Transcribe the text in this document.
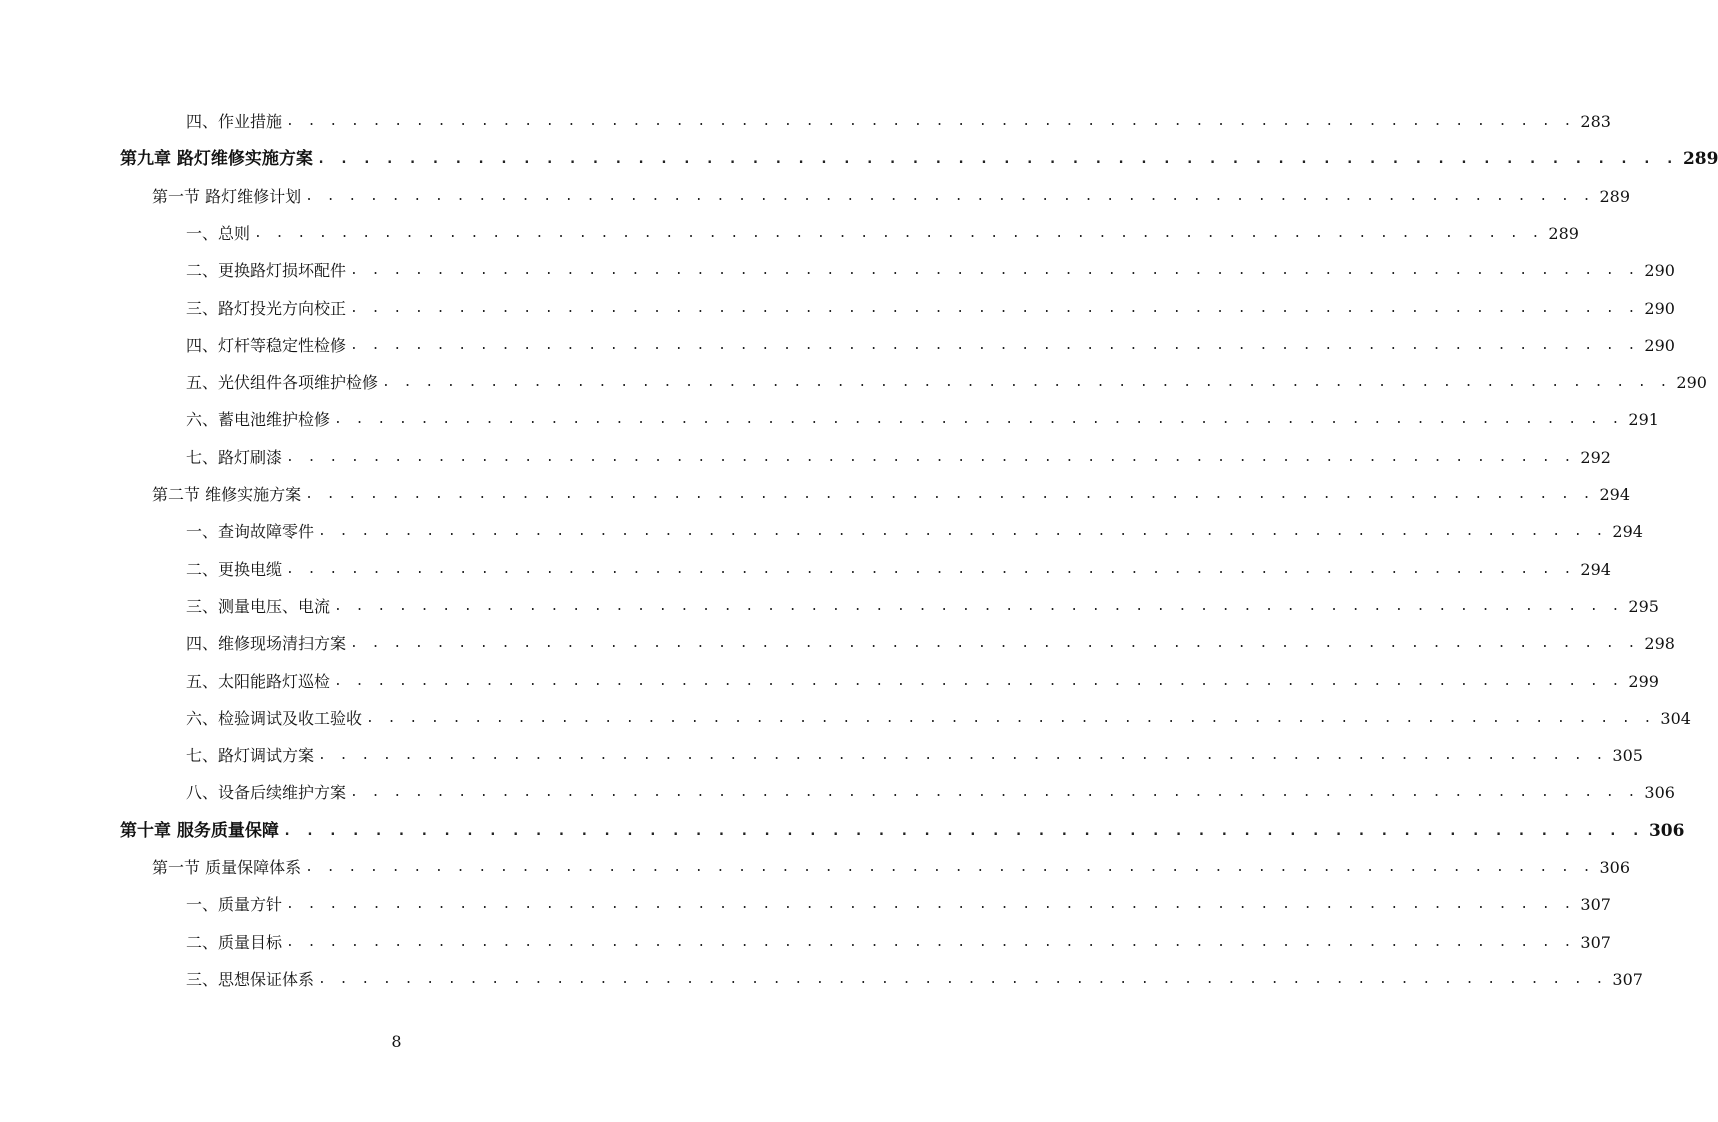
四、作业措施 . . . . . . . . . . . . . . . . . . . . . . . . . . . . . . . . . . . . . . . . . . . . . . . . . . . . . . . . . . . . 283
第九章 路灯维修实施方案 . . . . . . . . . . . . . . . . . . . . . . . . . . . . . . . . . . . . . . . . . . . . . . . . . . . . . . . . . . . . 289
第一节 路灯维修计划 . . . . . . . . . . . . . . . . . . . . . . . . . . . . . . . . . . . . . . . . . . . . . . . . . . . . . . . . . . . . 289
一、总则 . . . . . . . . . . . . . . . . . . . . . . . . . . . . . . . . . . . . . . . . . . . . . . . . . . . . . . . . . . . . 289
二、更换路灯损坏配件 . . . . . . . . . . . . . . . . . . . . . . . . . . . . . . . . . . . . . . . . . . . . . . . . . . . . . . . . . . . . 290
三、路灯投光方向校正 . . . . . . . . . . . . . . . . . . . . . . . . . . . . . . . . . . . . . . . . . . . . . . . . . . . . . . . . . . . . 290
四、灯杆等稳定性检修 . . . . . . . . . . . . . . . . . . . . . . . . . . . . . . . . . . . . . . . . . . . . . . . . . . . . . . . . . . . . 290
五、光伏组件各项维护检修 . . . . . . . . . . . . . . . . . . . . . . . . . . . . . . . . . . . . . . . . . . . . . . . . . . . . . . . . . . . . 290
六、蓄电池维护检修 . . . . . . . . . . . . . . . . . . . . . . . . . . . . . . . . . . . . . . . . . . . . . . . . . . . . . . . . . . . . 291
七、路灯刷漆 . . . . . . . . . . . . . . . . . . . . . . . . . . . . . . . . . . . . . . . . . . . . . . . . . . . . . . . . . . . . 292
第二节 维修实施方案 . . . . . . . . . . . . . . . . . . . . . . . . . . . . . . . . . . . . . . . . . . . . . . . . . . . . . . . . . . . . 294
一、查询故障零件 . . . . . . . . . . . . . . . . . . . . . . . . . . . . . . . . . . . . . . . . . . . . . . . . . . . . . . . . . . . . 294
二、更换电缆 . . . . . . . . . . . . . . . . . . . . . . . . . . . . . . . . . . . . . . . . . . . . . . . . . . . . . . . . . . . . 294
三、测量电压、电流 . . . . . . . . . . . . . . . . . . . . . . . . . . . . . . . . . . . . . . . . . . . . . . . . . . . . . . . . . . . . 295
四、维修现场清扫方案 . . . . . . . . . . . . . . . . . . . . . . . . . . . . . . . . . . . . . . . . . . . . . . . . . . . . . . . . . . . . 298
五、太阳能路灯巡检 . . . . . . . . . . . . . . . . . . . . . . . . . . . . . . . . . . . . . . . . . . . . . . . . . . . . . . . . . . . . 299
六、检验调试及收工验收 . . . . . . . . . . . . . . . . . . . . . . . . . . . . . . . . . . . . . . . . . . . . . . . . . . . . . . . . . . . . 304
七、路灯调试方案 . . . . . . . . . . . . . . . . . . . . . . . . . . . . . . . . . . . . . . . . . . . . . . . . . . . . . . . . . . . . 305
八、设备后续维护方案 . . . . . . . . . . . . . . . . . . . . . . . . . . . . . . . . . . . . . . . . . . . . . . . . . . . . . . . . . . . . 306
第十章 服务质量保障 . . . . . . . . . . . . . . . . . . . . . . . . . . . . . . . . . . . . . . . . . . . . . . . . . . . . . . . . . . . . 306
第一节 质量保障体系 . . . . . . . . . . . . . . . . . . . . . . . . . . . . . . . . . . . . . . . . . . . . . . . . . . . . . . . . . . . . 306
一、质量方针 . . . . . . . . . . . . . . . . . . . . . . . . . . . . . . . . . . . . . . . . . . . . . . . . . . . . . . . . . . . . 307
二、质量目标 . . . . . . . . . . . . . . . . . . . . . . . . . . . . . . . . . . . . . . . . . . . . . . . . . . . . . . . . . . . . 307
三、思想保证体系 . . . . . . . . . . . . . . . . . . . . . . . . . . . . . . . . . . . . . . . . . . . . . . . . . . . . . . . . . . . . 307
8
